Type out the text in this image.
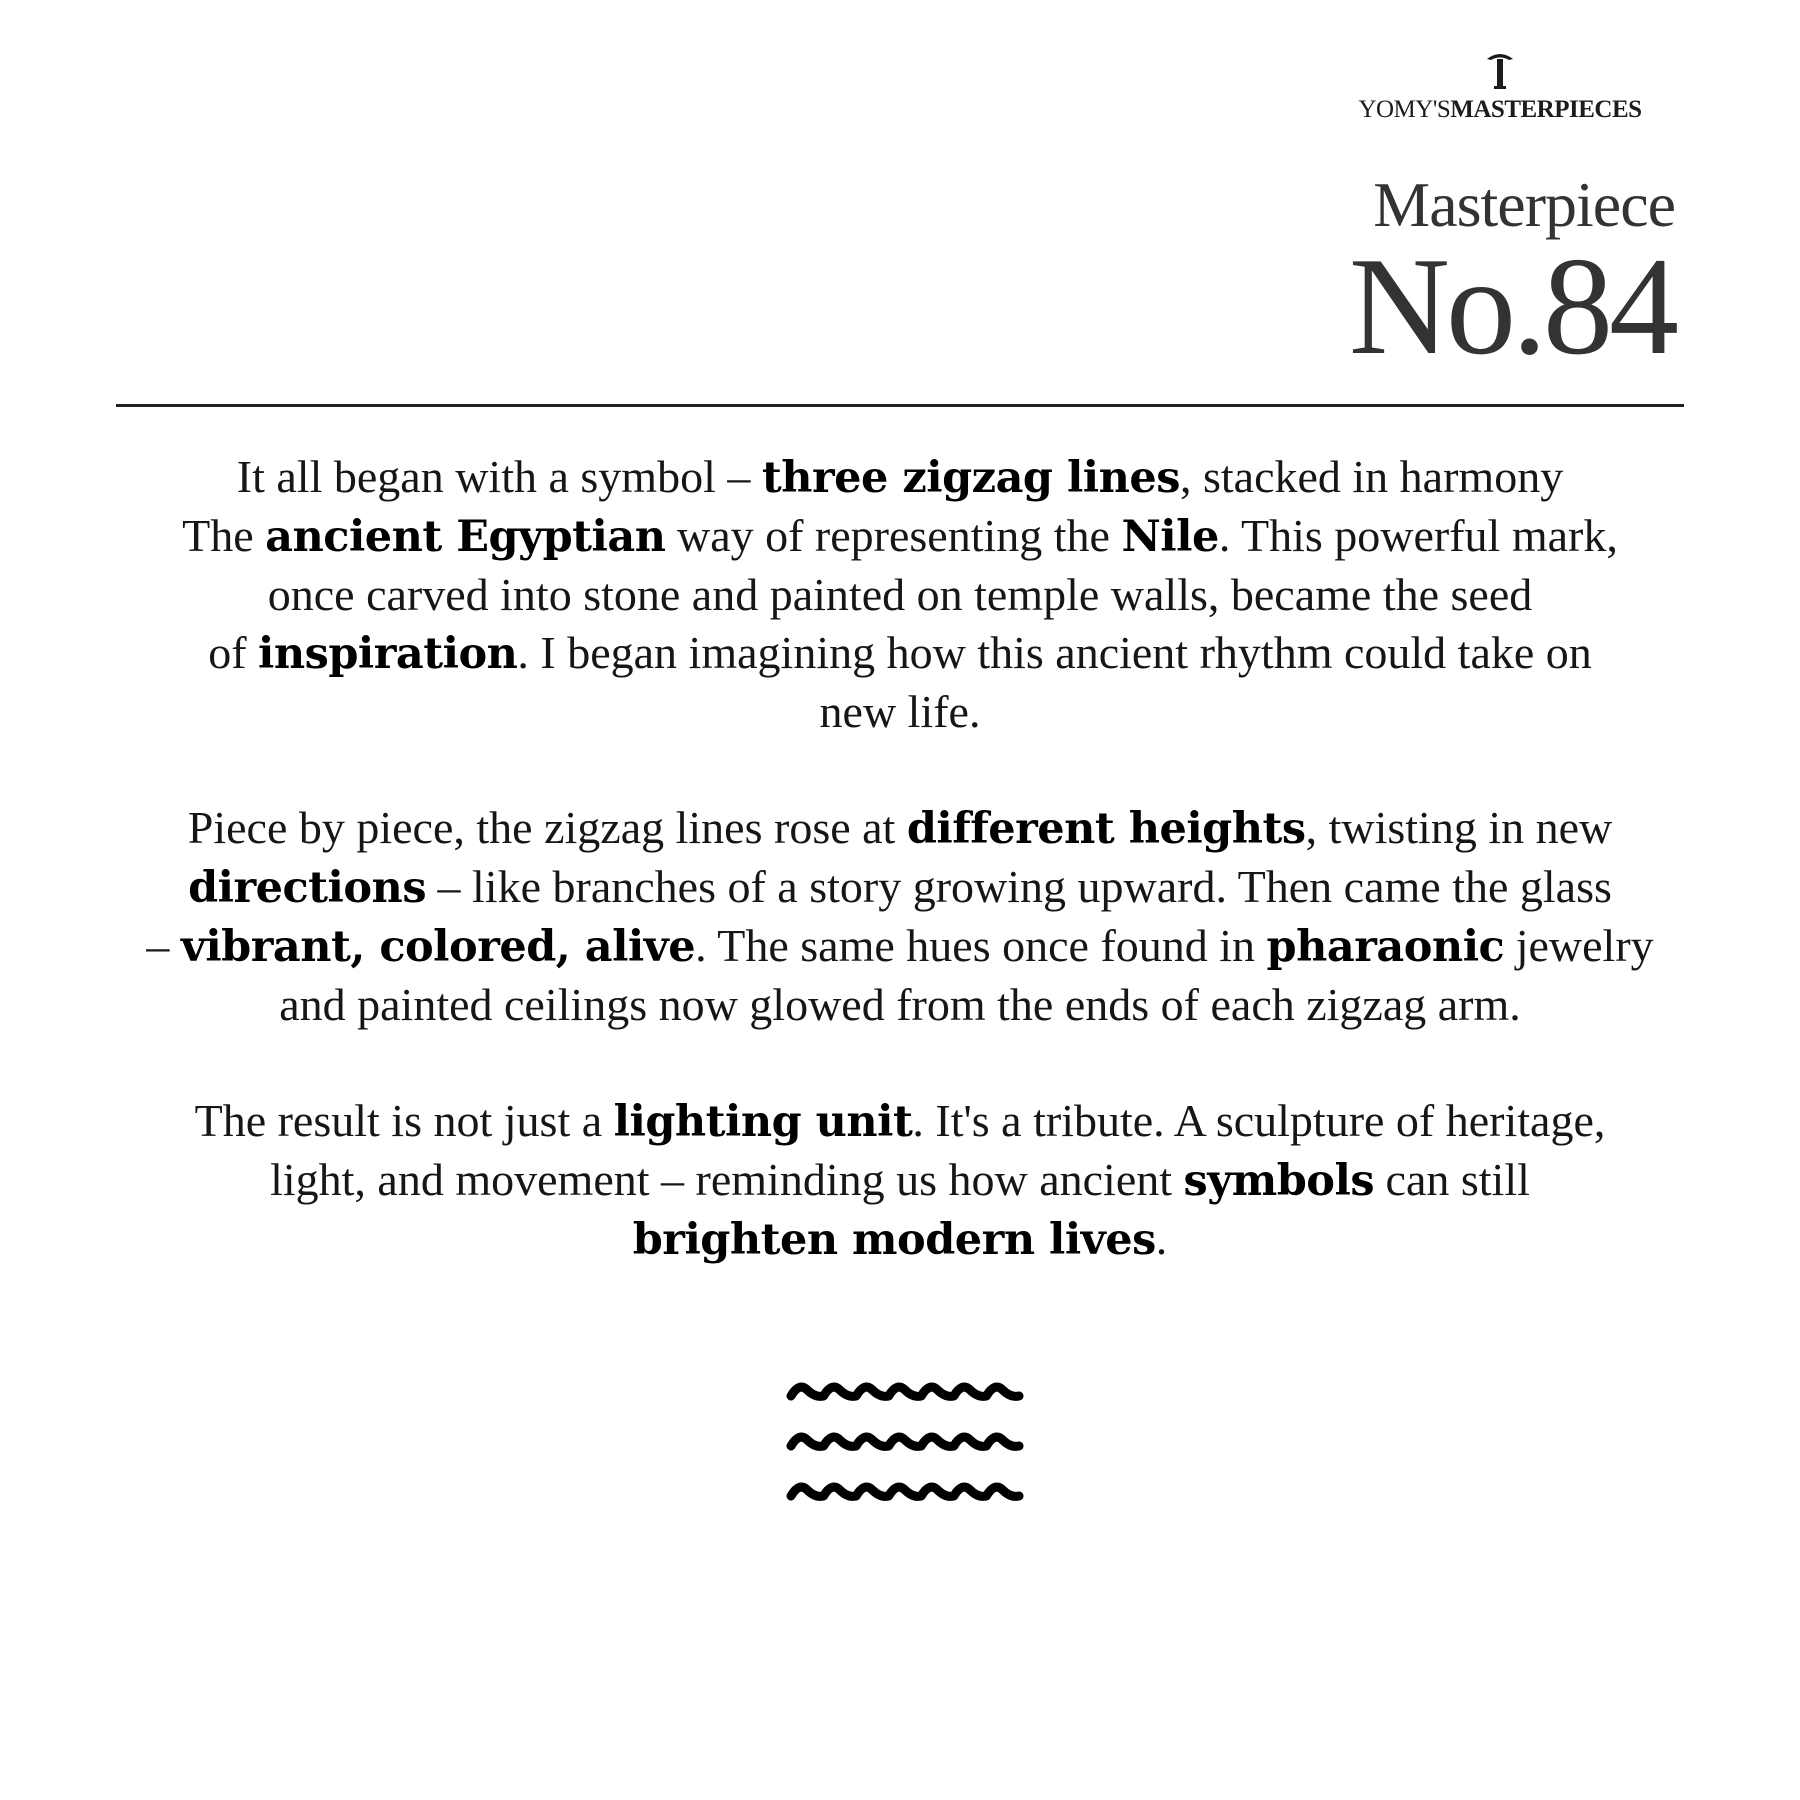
YOMY'SMASTERPIECES
Masterpiece
No.84
It all began with a symbol – three zigzag lines, stacked in harmony
The ancient Egyptian way of representing the Nile. This powerful mark,
once carved into stone and painted on temple walls, became the seed
of inspiration. I began imagining how this ancient rhythm could take on
new life.
Piece by piece, the zigzag lines rose at different heights, twisting in new
directions – like branches of a story growing upward. Then came the glass
– vibrant, colored, alive. The same hues once found in pharaonic jewelry
and painted ceilings now glowed from the ends of each zigzag arm.
The result is not just a lighting unit. It's a tribute. A sculpture of heritage,
light, and movement – reminding us how ancient symbols can still
brighten modern lives.
